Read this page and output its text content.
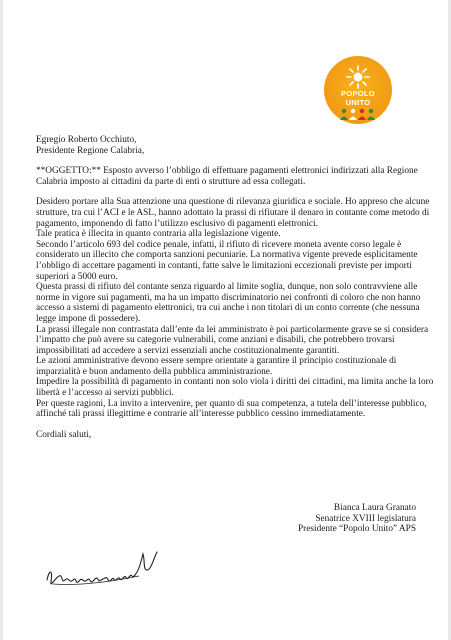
POPOLO
UNITO

Egregio Roberto Occhiuto,

Presidente Regione Calabria,

**OGGETTO:** Esposto avverso l’obbligo di effettuare pagamenti elettronici indirizzati alla Regione Calabria imposto ai cittadini da parte di enti o strutture ad essa collegati.

Desidero portare alla Sua attenzione una questione di rilevanza giuridica e sociale. Ho appreso che alcune strutture, tra cui l’ACI e le ASL, hanno adottato la prassi di rifiutare il denaro in contante come metodo di pagamento, imponendo di fatto l’utilizzo esclusivo di pagamenti elettronici.

Tale pratica è illecita in quanto contraria alla legislazione vigente.

Secondo l’articolo 693 del codice penale, infatti, il rifiuto di ricevere moneta avente corso legale è considerato un illecito che comporta sanzioni pecuniarie. La normativa vigente prevede esplicitamente l’obbligo di accettare pagamenti in contanti, fatte salve le limitazioni eccezionali previste per importi superiori a 5000 euro.

Questa prassi di rifiuto del contante senza riguardo al limite soglia, dunque, non solo contravviene alle norme in vigore sui pagamenti, ma ha un impatto discriminatorio nei confronti di coloro che non hanno accesso a sistemi di pagamento elettronici, tra cui anche i non titolari di un conto corrente (che nessuna legge impone di possedere).

La prassi illegale non contrastata dall’ente da lei amministrato è poi particolarmente grave se si considera l’impatto che può avere su categorie vulnerabili, come anziani e disabili, che potrebbero trovarsi impossibilitati ad accedere a servizi essenziali anche costituzionalmente garantiti.

Le azioni amministrative devono essere sempre orientate a garantire il principio costituzionale di imparzialità e buon andamento della pubblica amministrazione.

Impedire la possibilità di pagamento in contanti non solo viola i diritti dei cittadini, ma limita anche la loro libertà e l’accesso ai servizi pubblici.

Per queste ragioni, La invito a intervenire, per quanto di sua competenza, a tutela dell’interesse pubblico, affinché tali prassi illegittime e contrarie all’interesse pubblico cessino immediatamente.

Cordiali saluti,

Bianca Laura Granato
Senatrice XVIII legislatura
Presidente “Popolo Unito” APS
